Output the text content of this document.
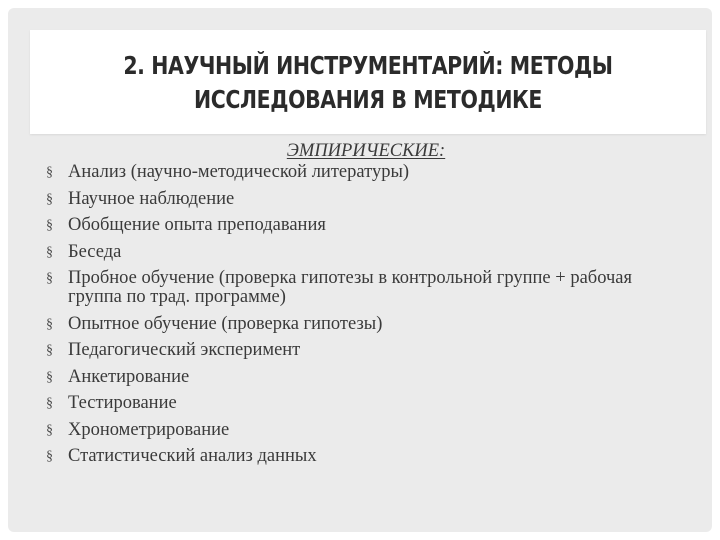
2. НАУЧНЫЙ ИНСТРУМЕНТАРИЙ: МЕТОДЫ
ИССЛЕДОВАНИЯ В МЕТОДИКЕ
ЭМПИРИЧЕСКИЕ:
§ Анализ (научно-методической литературы)
§ Научное наблюдение
§ Обобщение опыта преподавания
§ Беседа
§ Пробное обучение (проверка гипотезы в контрольной группе + рабочая группа по трад. программе)
§ Опытное обучение (проверка гипотезы)
§ Педагогический эксперимент
§ Анкетирование
§ Тестирование
§ Хронометрирование
§ Статистический анализ данных
